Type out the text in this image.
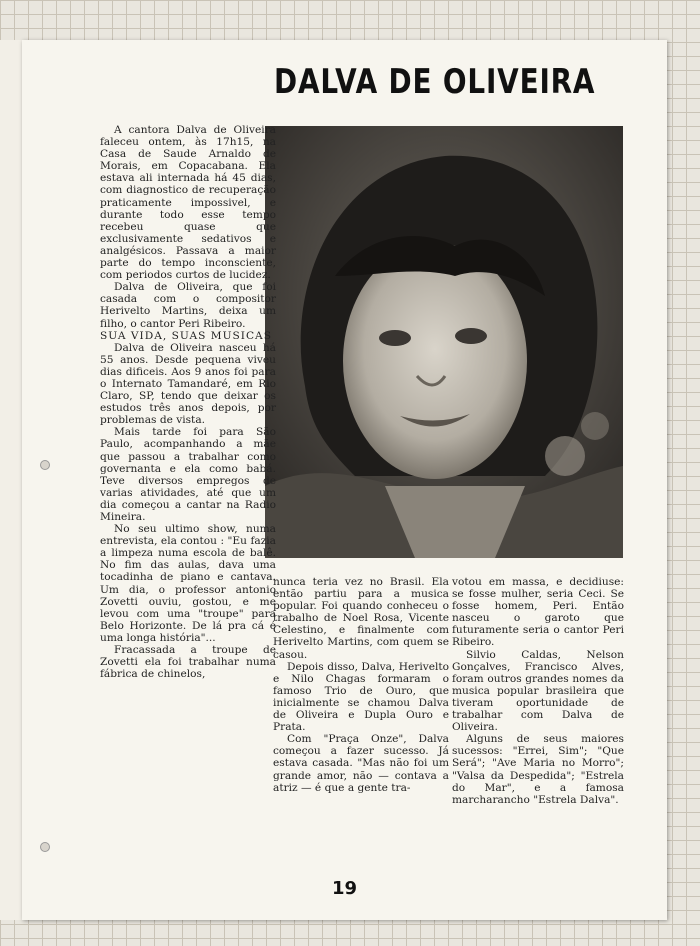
DALVA DE OLIVEIRA

A cantora Dalva de Oliveira faleceu ontem, às 17h15, na Casa de Saude Arnaldo de Morais, em Copacabana. Ela estava ali internada há 45 dias, com diagnostico de recuperação praticamente impossivel, e durante todo esse tempo recebeu quase que exclusivamente sedativos e analgésicos. Passava a maior parte do tempo inconsciente, com periodos curtos de lucidez.

Dalva de Oliveira, que foi casada com o compositor Herivelto Martins, deixa um filho, o cantor Peri Ribeiro.

SUA VIDA, SUAS MUSICAS

Dalva de Oliveira nasceu há 55 anos. Desde pequena viveu dias dificeis. Aos 9 anos foi para o Internato Tamandaré, em Rio Claro, SP, tendo que deixar os estudos três anos depois, por problemas de vista.

Mais tarde foi para São Paulo, acompanhando a mãe que passou a trabalhar como governanta e ela como babá. Teve diversos empregos de varias atividades, até que um dia começou a cantar na Radio Mineira.

No seu ultimo show, numa entrevista, ela contou : "Eu fazia a limpeza numa escola de balê. No fim das aulas, dava uma tocadinha de piano e cantava. Um dia, o professor antonio Zovetti ouviu, gostou, e me levou com uma "troupe" para Belo Horizonte. De lá pra cá é uma longa história"...

Fracassada a troupe de Zovetti ela foi trabalhar numa fábrica de chinelos,

nunca teria vez no Brasil. Ela então partiu para a musica popular. Foi quando conheceu o trabalho de Noel Rosa, Vicente Celestino, e finalmente com Herivelto Martins, com quem se casou.

Depois disso, Dalva, Herivelto e Nilo Chagas formaram o famoso Trio de Ouro, que inicialmente se chamou Dalva de Oliveira e Dupla Ouro e Prata.

Com "Praça Onze", Dalva começou a fazer sucesso. Já estava casada. "Mas não foi um grande amor, não — contava a atriz — é que a gente tra-

votou em massa, e decidiuse: se fosse mulher, seria Ceci. Se fosse homem, Peri. Então nasceu o garoto que futuramente seria o cantor Peri Ribeiro.

Silvio Caldas, Nelson Gonçalves, Francisco Alves, foram outros grandes nomes da musica popular brasileira que tiveram oportunidade de trabalhar com Dalva de Oliveira.

Alguns de seus maiores sucessos: "Errei, Sim"; "Que Será"; "Ave Maria no Morro"; "Valsa da Despedida"; "Estrela do Mar", e a famosa marcharancho "Estrela Dalva".

19
